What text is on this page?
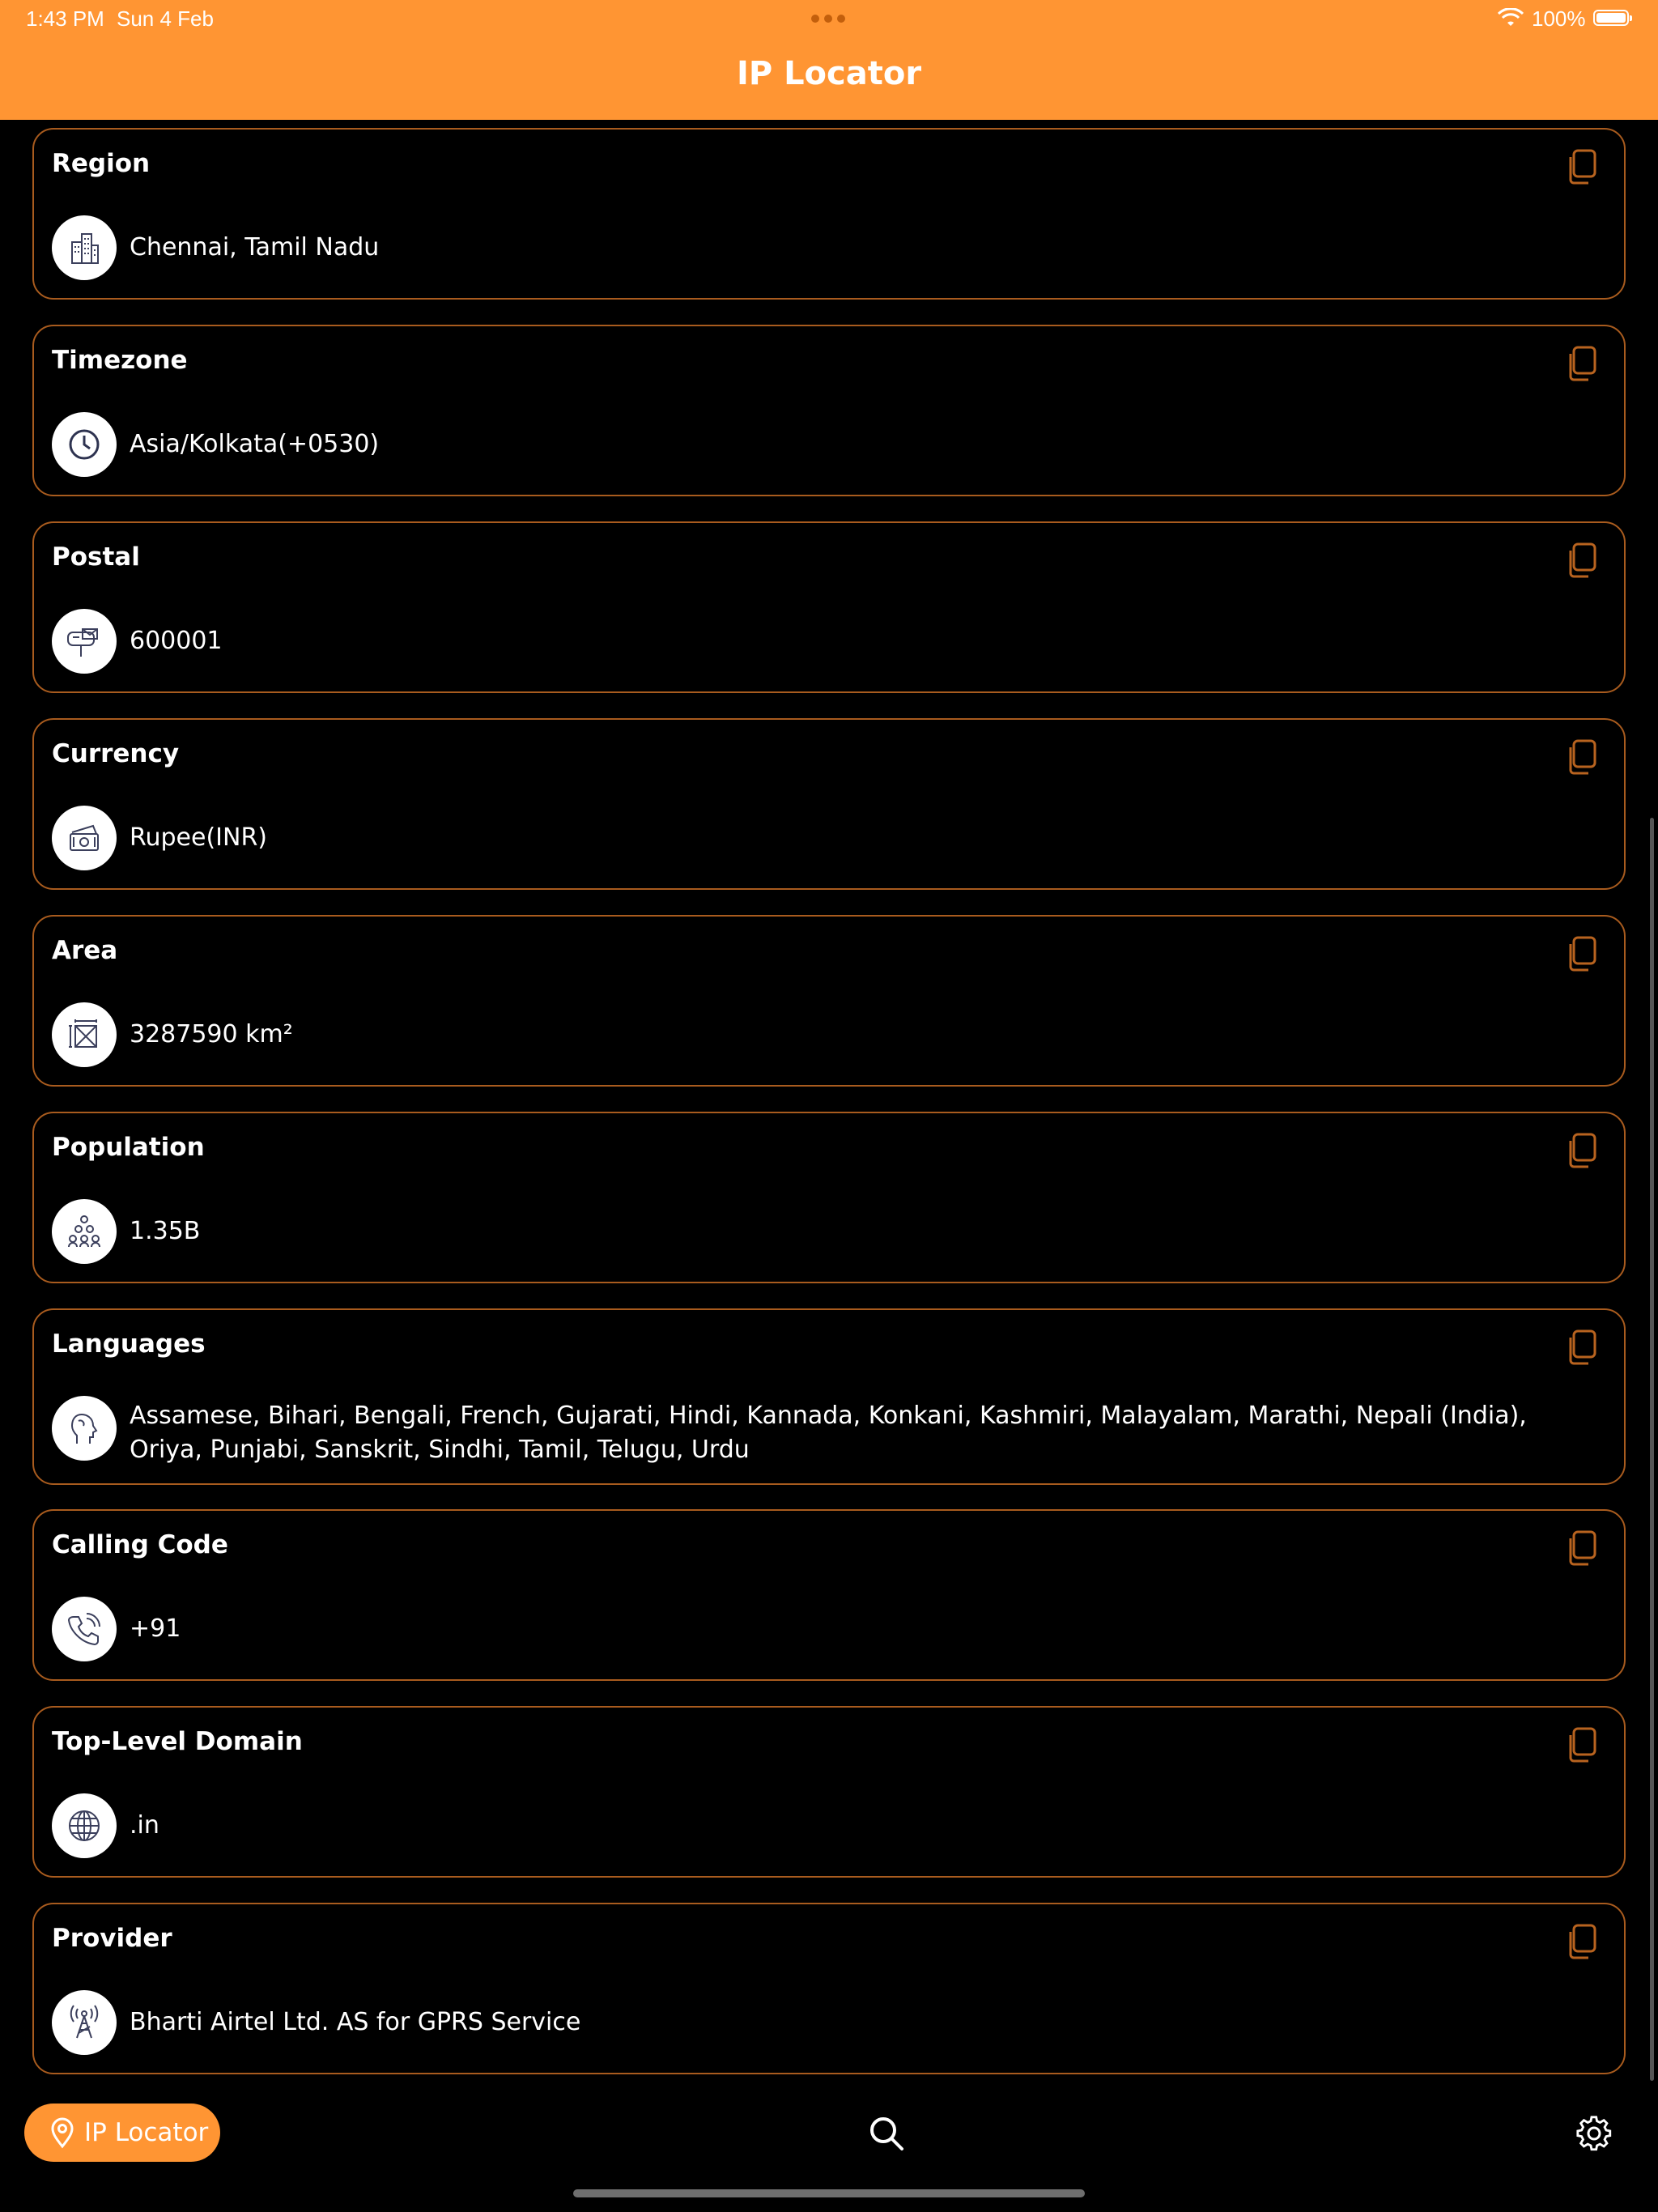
1:43 PM Sun 4 Feb	100%
IP Locator
Region
Chennai, Tamil Nadu
Timezone
Asia/Kolkata(+0530)
Postal
600001
Currency
Rupee(INR)
Area
3287590 km²
Population
1.35B
Languages
Assamese, Bihari, Bengali, French, Gujarati, Hindi, Kannada, Konkani, Kashmiri, Malayalam, Marathi, Nepali (India), Oriya, Punjabi, Sanskrit, Sindhi, Tamil, Telugu, Urdu
Calling Code
+91
Top-Level Domain
.in
Provider
Bharti Airtel Ltd. AS for GPRS Service
IP Locator
